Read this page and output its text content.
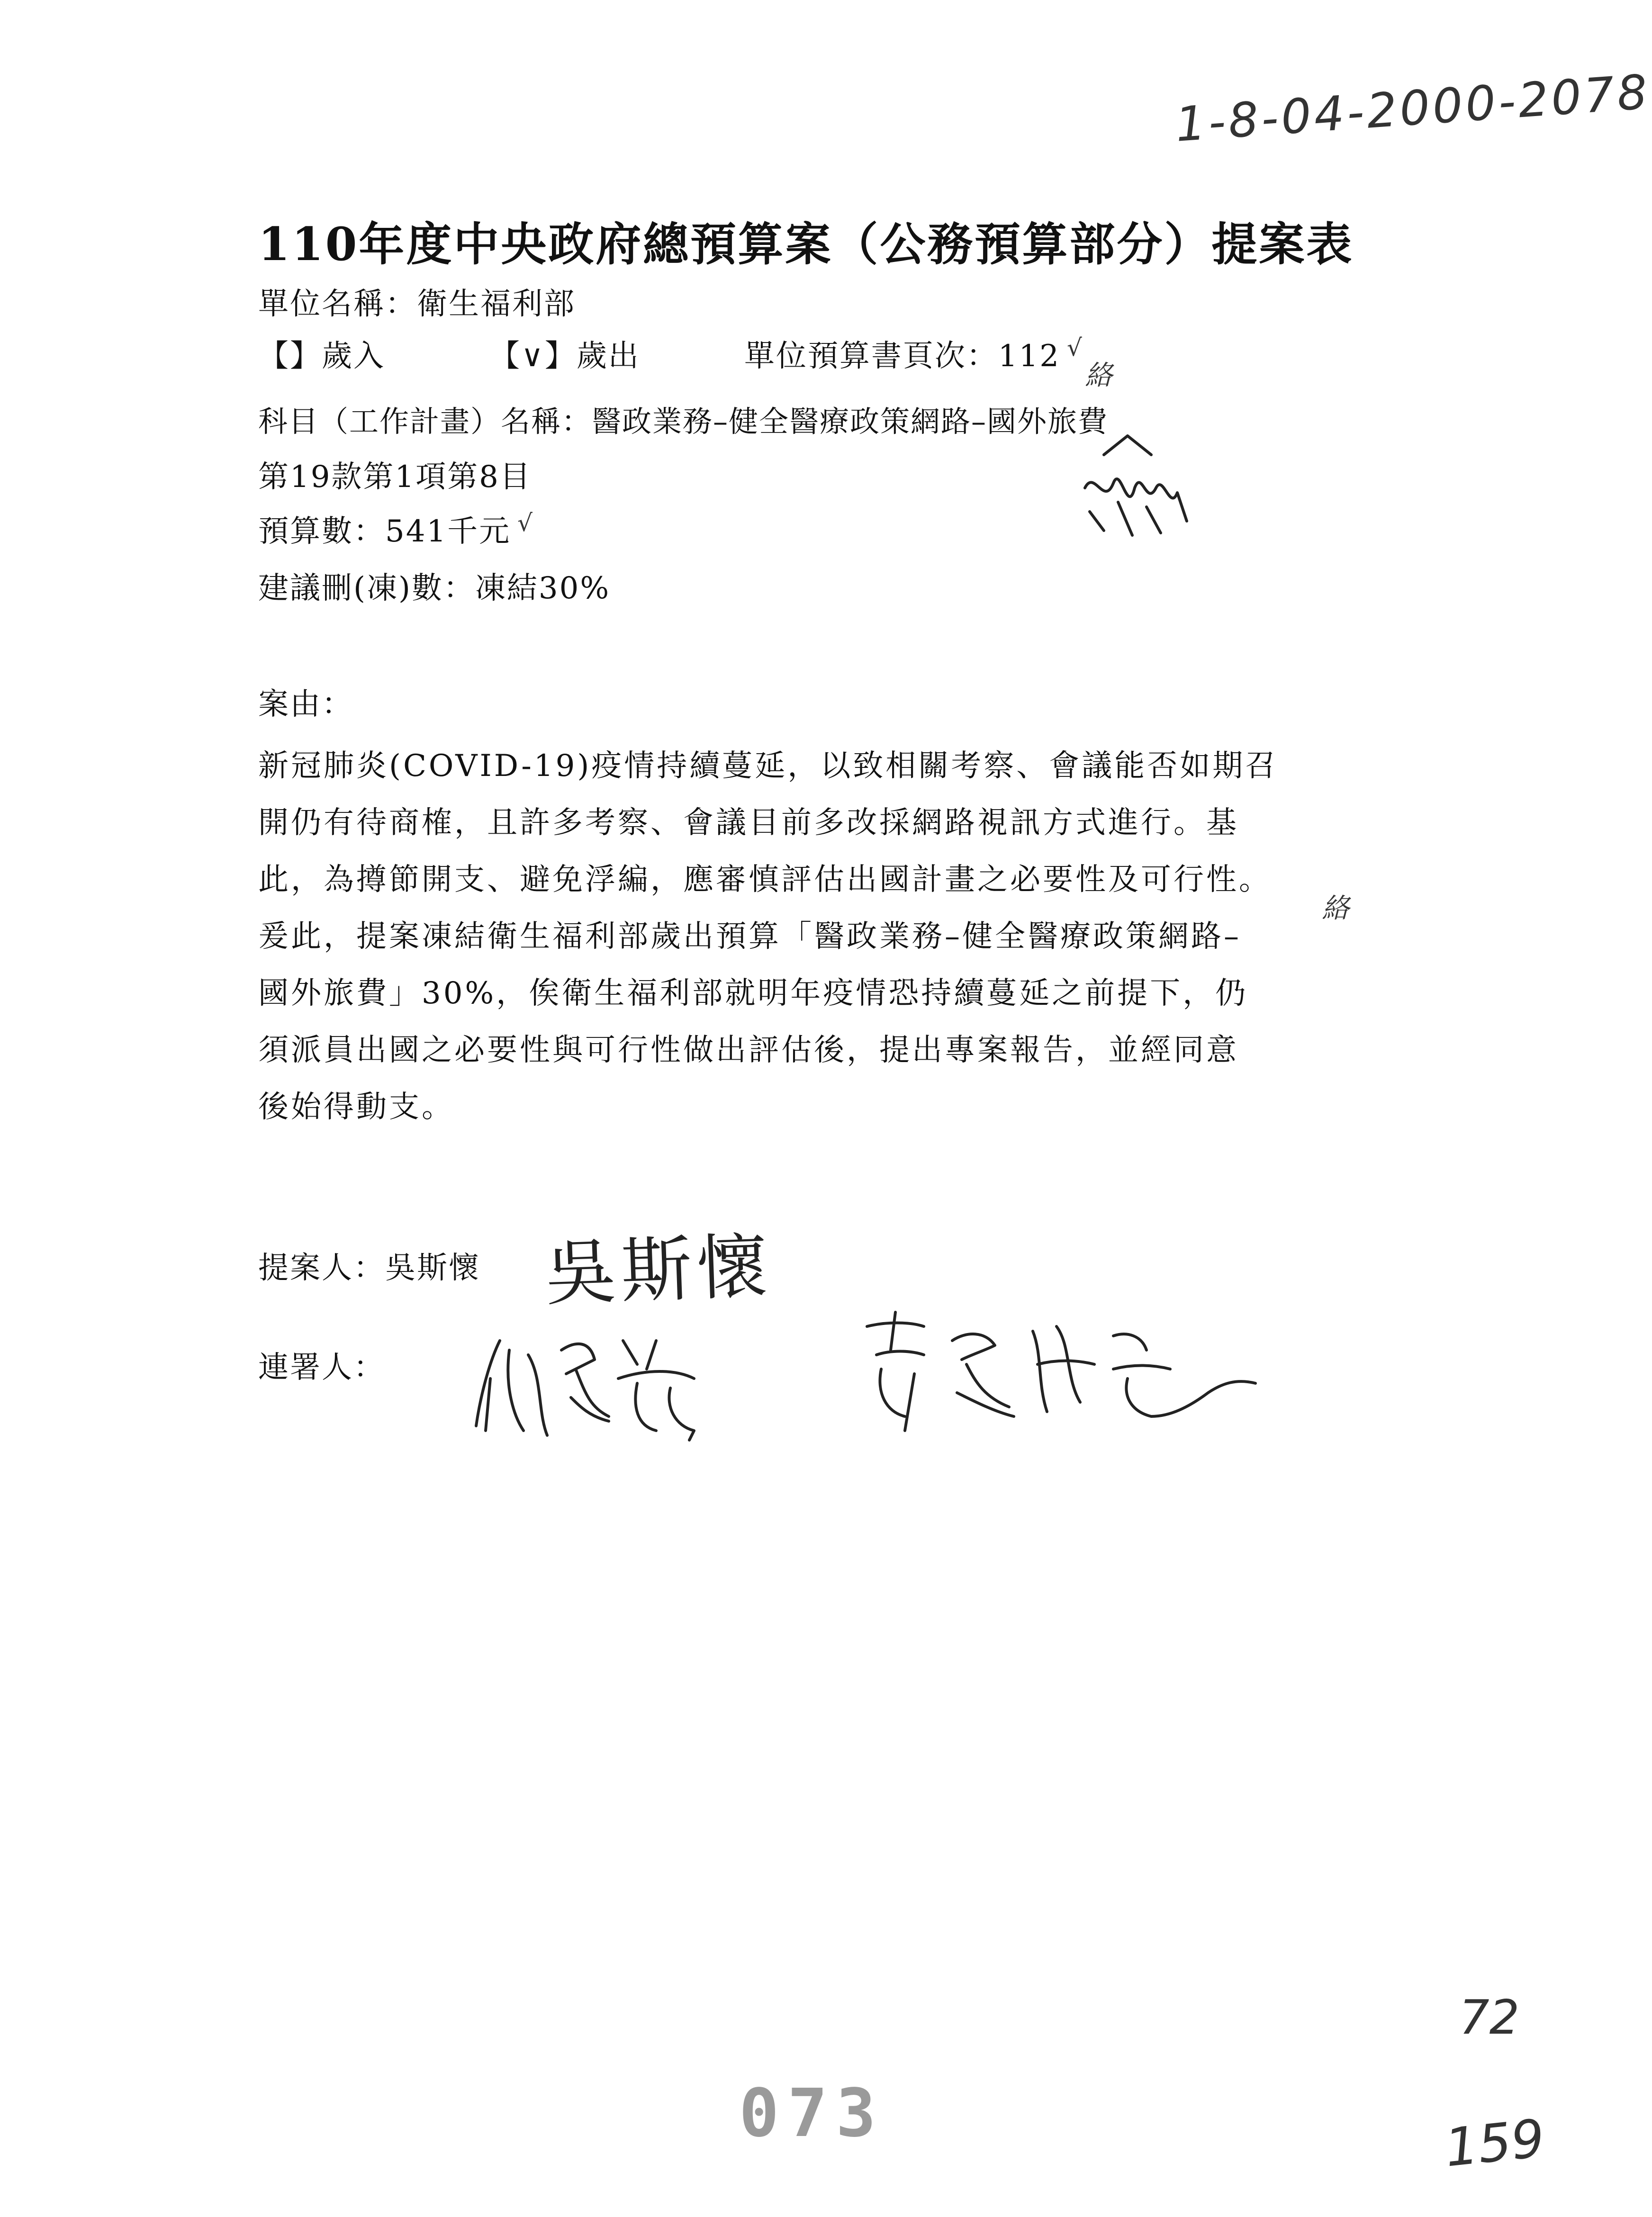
1-8-04-2000-2078
110年度中央政府總預算案（公務預算部分）提案表
單位名稱：衛生福利部
【】歲入	【∨】歲出	單位預算書頁次：112 √
絡
科目（工作計畫）名稱：醫政業務–健全醫療政策網路–國外旅費
第19款第1項第8目
預算數：541千元 √
建議刪(凍)數：凍結30%
案由：
新冠肺炎(COVID-19)疫情持續蔓延，以致相關考察、會議能否如期召
開仍有待商榷，且許多考察、會議目前多改採網路視訊方式進行。基
此，為撙節開支、避免浮編，應審慎評估出國計畫之必要性及可行性。
絡
爰此，提案凍結衛生福利部歲出預算「醫政業務–健全醫療政策網路–
國外旅費」30%，俟衛生福利部就明年疫情恐持續蔓延之前提下，仍
須派員出國之必要性與可行性做出評估後，提出專案報告，並經同意
後始得動支。
提案人：吳斯懷 吳斯懷
連署人：
073
72
159
